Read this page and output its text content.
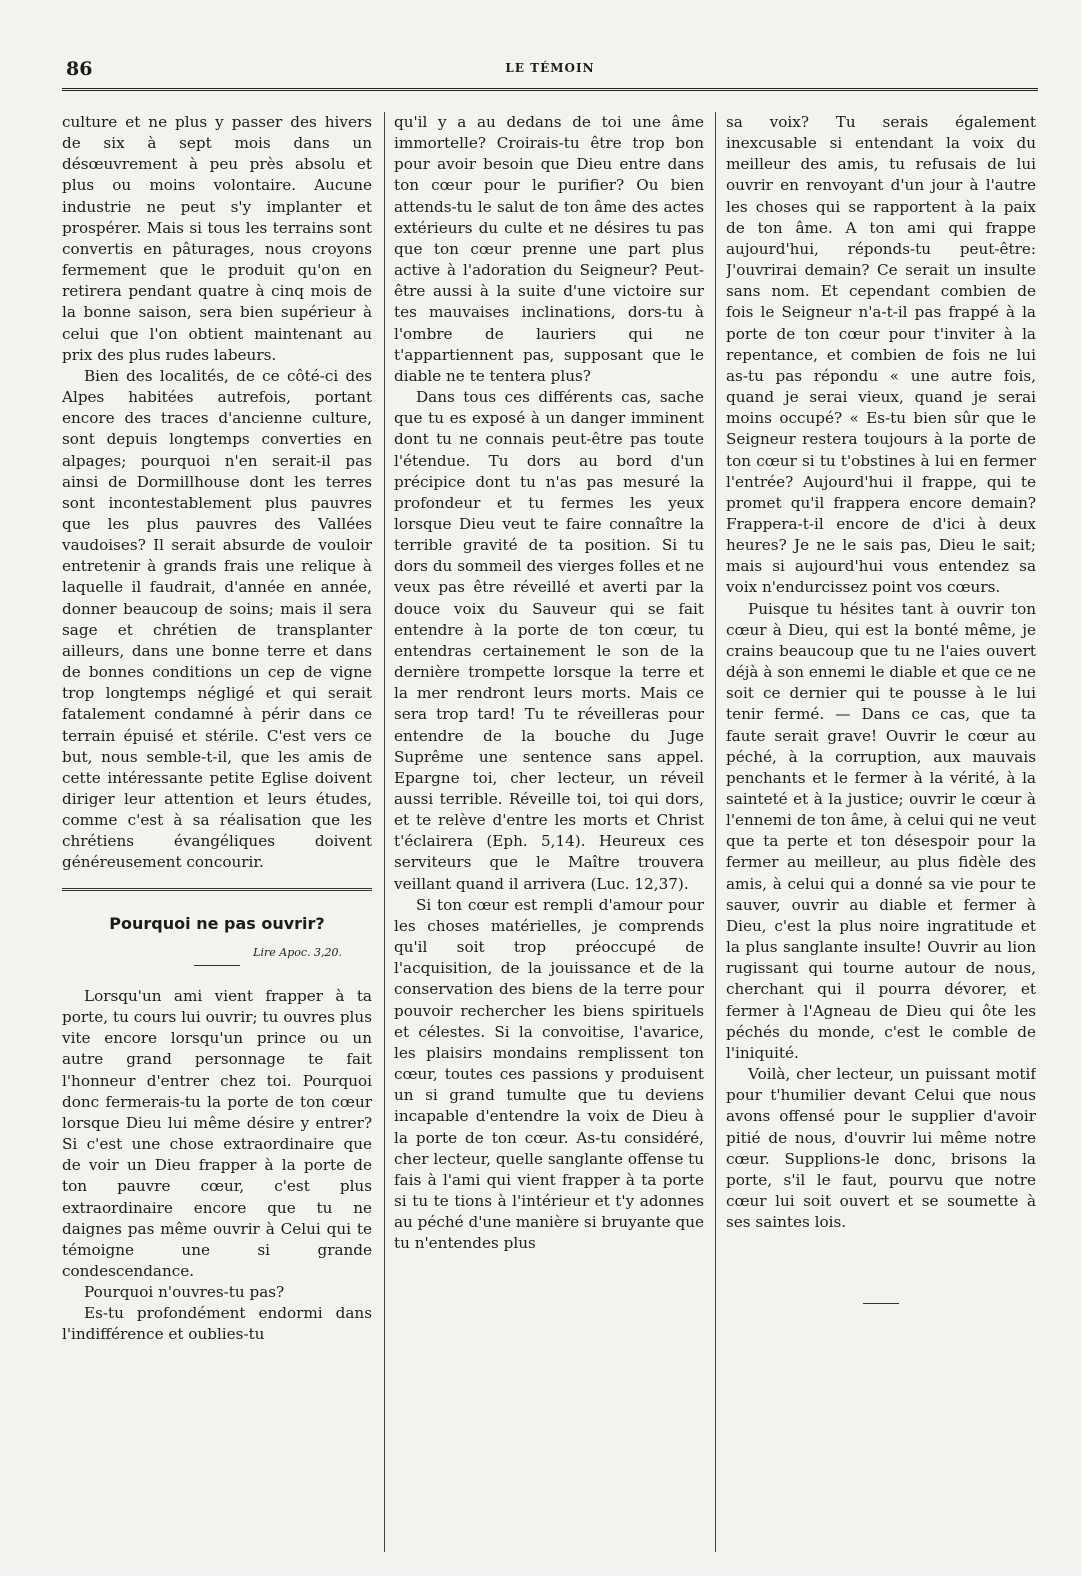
86	LE TÉMOIN

culture et ne plus y passer des hivers de six à sept mois dans un désœuvrement à peu près absolu et plus ou moins volontaire. Aucune industrie ne peut s'y implanter et prospérer. Mais si tous les terrains sont convertis en pâturages, nous croyons fermement que le produit qu'on en retirera pendant quatre à cinq mois de la bonne saison, sera bien supérieur à celui que l'on obtient maintenant au prix des plus rudes labeurs.

Bien des localités, de ce côté-ci des Alpes habitées autrefois, portant encore des traces d'ancienne culture, sont depuis longtemps converties en alpages; pourquoi n'en serait-il pas ainsi de Dormillhouse dont les terres sont incontestablement plus pauvres que les plus pauvres des Vallées vaudoises? Il serait absurde de vouloir entretenir à grands frais une relique à laquelle il faudrait, d'année en année, donner beaucoup de soins; mais il sera sage et chrétien de transplanter ailleurs, dans une bonne terre et dans de bonnes conditions un cep de vigne trop longtemps négligé et qui serait fatalement condamné à périr dans ce terrain épuisé et stérile. C'est vers ce but, nous semble-t-il, que les amis de cette intéressante petite Eglise doivent diriger leur attention et leurs études, comme c'est à sa réalisation que les chrétiens évangéliques doivent généreusement concourir.

Pourquoi ne pas ouvrir?
Lire Apoc. 3,20.

Lorsqu'un ami vient frapper à ta porte, tu cours lui ouvrir; tu ouvres plus vite encore lorsqu'un prince ou un autre grand personnage te fait l'honneur d'entrer chez toi. Pourquoi donc fermerais-tu la porte de ton cœur lorsque Dieu lui même désire y entrer? Si c'est une chose extraordinaire que de voir un Dieu frapper à la porte de ton pauvre cœur, c'est plus extraordinaire encore que tu ne daignes pas même ouvrir à Celui qui te témoigne une si grande condescendance.

Pourquoi n'ouvres-tu pas?

Es-tu profondément endormi dans l'indifférence et oublies-tu

qu'il y a au dedans de toi une âme immortelle? Croirais-tu être trop bon pour avoir besoin que Dieu entre dans ton cœur pour le purifier? Ou bien attends-tu le salut de ton âme des actes extérieurs du culte et ne désires tu pas que ton cœur prenne une part plus active à l'adoration du Seigneur? Peut-être aussi à la suite d'une victoire sur tes mauvaises inclinations, dors-tu à l'ombre de lauriers qui ne t'appartiennent pas, supposant que le diable ne te tentera plus?

Dans tous ces différents cas, sache que tu es exposé à un danger imminent dont tu ne connais peut-être pas toute l'étendue. Tu dors au bord d'un précipice dont tu n'as pas mesuré la profondeur et tu fermes les yeux lorsque Dieu veut te faire connaître la terrible gravité de ta position. Si tu dors du sommeil des vierges folles et ne veux pas être réveillé et averti par la douce voix du Sauveur qui se fait entendre à la porte de ton cœur, tu entendras certainement le son de la dernière trompette lorsque la terre et la mer rendront leurs morts. Mais ce sera trop tard! Tu te réveilleras pour entendre de la bouche du Juge Suprême une sentence sans appel. Epargne toi, cher lecteur, un réveil aussi terrible. Réveille toi, toi qui dors, et te relève d'entre les morts et Christ t'éclairera (Eph. 5,14). Heureux ces serviteurs que le Maître trouvera veillant quand il arrivera (Luc. 12,37).

Si ton cœur est rempli d'amour pour les choses matérielles, je comprends qu'il soit trop préoccupé de l'acquisition, de la jouissance et de la conservation des biens de la terre pour pouvoir rechercher les biens spirituels et célestes. Si la convoitise, l'avarice, les plaisirs mondains remplissent ton cœur, toutes ces passions y produisent un si grand tumulte que tu deviens incapable d'entendre la voix de Dieu à la porte de ton cœur. As-tu considéré, cher lecteur, quelle sanglante offense tu fais à l'ami qui vient frapper à ta porte si tu te tions à l'intérieur et t'y adonnes au péché d'une manière si bruyante que tu n'entendes plus

sa voix? Tu serais également inexcusable si entendant la voix du meilleur des amis, tu refusais de lui ouvrir en renvoyant d'un jour à l'autre les choses qui se rapportent à la paix de ton âme. A ton ami qui frappe aujourd'hui, réponds-tu peut-être: J'ouvrirai demain? Ce serait un insulte sans nom. Et cependant combien de fois le Seigneur n'a-t-il pas frappé à la porte de ton cœur pour t'inviter à la repentance, et combien de fois ne lui as-tu pas répondu « une autre fois, quand je serai vieux, quand je serai moins occupé? « Es-tu bien sûr que le Seigneur restera toujours à la porte de ton cœur si tu t'obstines à lui en fermer l'entrée? Aujourd'hui il frappe, qui te promet qu'il frappera encore demain? Frappera-t-il encore de d'ici à deux heures? Je ne le sais pas, Dieu le sait; mais si aujourd'hui vous entendez sa voix n'endurcissez point vos cœurs.

Puisque tu hésites tant à ouvrir ton cœur à Dieu, qui est la bonté même, je crains beaucoup que tu ne l'aies ouvert déjà à son ennemi le diable et que ce ne soit ce dernier qui te pousse à le lui tenir fermé. — Dans ce cas, que ta faute serait grave! Ouvrir le cœur au péché, à la corruption, aux mauvais penchants et le fermer à la vérité, à la sainteté et à la justice; ouvrir le cœur à l'ennemi de ton âme, à celui qui ne veut que ta perte et ton désespoir pour la fermer au meilleur, au plus fidèle des amis, à celui qui a donné sa vie pour te sauver, ouvrir au diable et fermer à Dieu, c'est la plus noire ingratitude et la plus sanglante insulte! Ouvrir au lion rugissant qui tourne autour de nous, cherchant qui il pourra dévorer, et fermer à l'Agneau de Dieu qui ôte les péchés du monde, c'est le comble de l'iniquité.

Voilà, cher lecteur, un puissant motif pour t'humilier devant Celui que nous avons offensé pour le supplier d'avoir pitié de nous, d'ouvrir lui même notre cœur. Supplions-le donc, brisons la porte, s'il le faut, pourvu que notre cœur lui soit ouvert et se soumette à ses saintes lois.
